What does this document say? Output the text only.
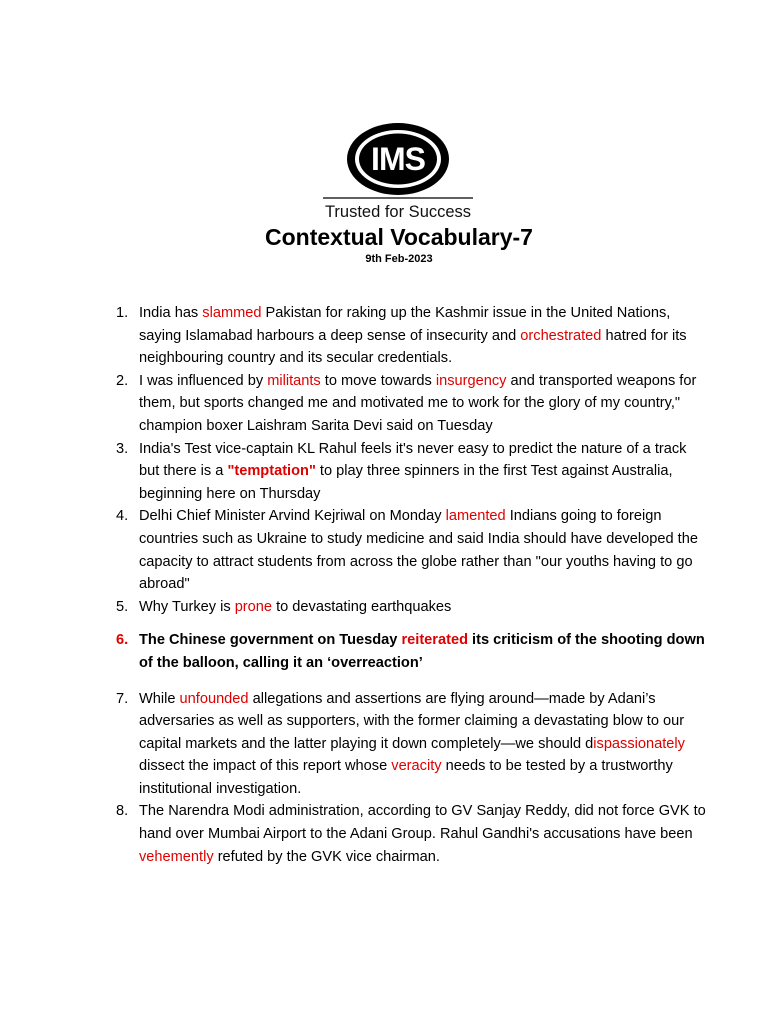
IMS
Trusted for Success
Contextual Vocabulary-7
9th Feb-2023
1. India has slammed Pakistan for raking up the Kashmir issue in the United Nations, saying Islamabad harbours a deep sense of insecurity and orchestrated hatred for its neighbouring country and its secular credentials.
2. I was influenced by militants to move towards insurgency and transported weapons for them, but sports changed me and motivated me to work for the glory of my country," champion boxer Laishram Sarita Devi said on Tuesday
3. India's Test vice-captain KL Rahul feels it's never easy to predict the nature of a track but there is a "temptation" to play three spinners in the first Test against Australia, beginning here on Thursday
4. Delhi Chief Minister Arvind Kejriwal on Monday lamented Indians going to foreign countries such as Ukraine to study medicine and said India should have developed the capacity to attract students from across the globe rather than "our youths having to go abroad"
5. Why Turkey is prone to devastating earthquakes
6. The Chinese government on Tuesday reiterated its criticism of the shooting down of the balloon, calling it an ‘overreaction’
7. While unfounded allegations and assertions are flying around—made by Adani’s adversaries as well as supporters, with the former claiming a devastating blow to our capital markets and the latter playing it down completely—we should dispassionately dissect the impact of this report whose veracity needs to be tested by a trustworthy institutional investigation.
8. The Narendra Modi administration, according to GV Sanjay Reddy, did not force GVK to hand over Mumbai Airport to the Adani Group. Rahul Gandhi's accusations have been vehemently refuted by the GVK vice chairman.
